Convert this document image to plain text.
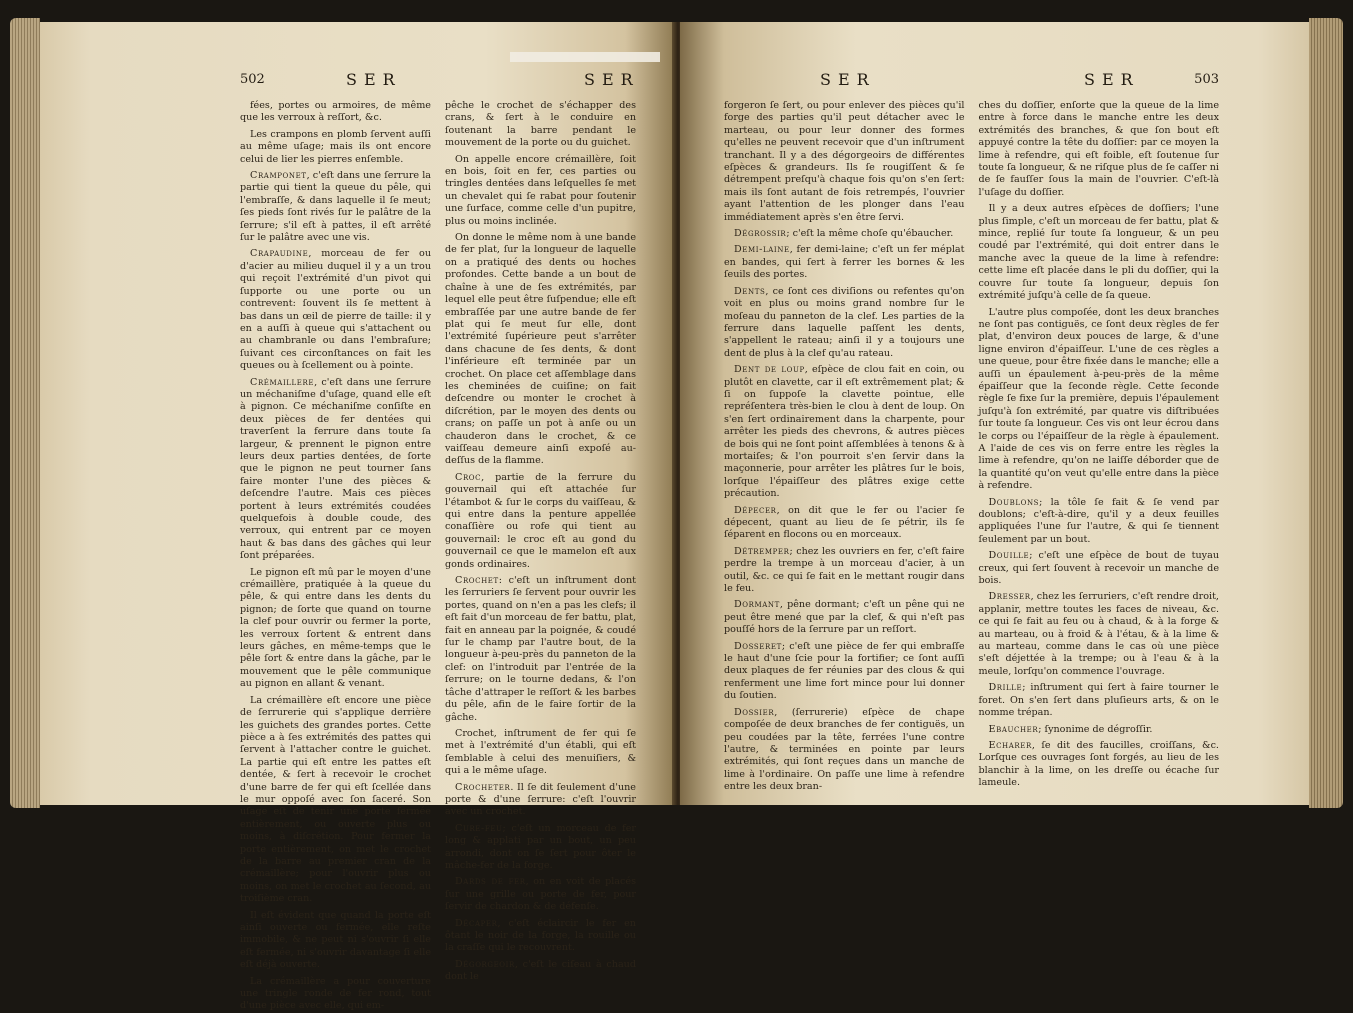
502	SER	SER

fées, portes ou armoires, de même que les verroux à reſſort, &c.

Les crampons en plomb ſervent auſſi au même uſage; mais ils ont encore celui de lier les pierres enſemble.

Cramponet, c'eſt dans une ſerrure la partie qui tient la queue du pêle, qui l'embraſſe, & dans laquelle il ſe meut; ſes pieds ſont rivés ſur le palâtre de la ſerrure; s'il eſt à pattes, il eſt arrêté ſur le palâtre avec une vis.

Crapaudine, morceau de fer ou d'acier au milieu duquel il y a un trou qui reçoit l'extrémité d'un pivot qui ſupporte ou une porte ou un contrevent: ſouvent ils ſe mettent à bas dans un œil de pierre de taille: il y en a auſſi à queue qui s'attachent ou au chambranle ou dans l'embraſure; ſuivant ces circonſtances on fait les queues ou à ſcellement ou à pointe.

Crémaillere, c'eſt dans une ſerrure un méchaniſme d'uſage, quand elle eſt à pignon. Ce méchaniſme conſiſte en deux pièces de fer dentées qui traverſent la ferrure dans toute ſa largeur, & prennent le pignon entre leurs deux parties dentées, de ſorte que le pignon ne peut tourner ſans faire monter l'une des pièces & deſcendre l'autre. Mais ces pièces portent à leurs extrémités coudées quelquefois à double coude, des verroux, qui entrent par ce moyen haut & bas dans des gâches qui leur ſont préparées.

Le pignon eſt mû par le moyen d'une crémaillère, pratiquée à la queue du pêle, & qui entre dans les dents du pignon; de ſorte que quand on tourne la clef pour ouvrir ou fermer la porte, les verroux ſortent & entrent dans leurs gâches, en même-temps que le pêle ſort & entre dans la gâche, par le mouvement que le pêle communique au pignon en allant & venant.

La crémaillère eſt encore une pièce de ſerrurerie qui s'applique derrière les guichets des grandes portes. Cette pièce a à ſes extrémités des pattes qui ſervent à l'attacher contre le guichet. La partie qui eſt entre les pattes eſt dentée, & ſert à recevoir le crochet d'une barre de fer qui eſt ſcellée dans le mur oppoſé avec ſon ſaceré. Son uſage eſt de tenir une porte fermée entièrement, ou ouverte plus ou moins, à diſcrétion. Pour fermer la porte entièrement, on met le crochet de la barre au premier cran de la crémaillère; pour l'ouvrir plus ou moins, on met le crochet au ſecond, au troiſième cran.

Il eſt évident que quand la porte eſt ainſi ouverte ou fermée, elle reſte immobile, & ne peut ni s'ouvrir ſi elle eſt fermée, ni s'ouvrir davantage ſi elle eſt déjà ouverte.

La crémaillère a pour couverture une tringle ronde de fer rond, tout d'une pièce avec elle, qui em-

pêche le crochet de s'échapper des crans, & ſert à le conduire en ſoutenant la barre pendant le mouvement de la porte ou du guichet.

On appelle encore crémaillère, ſoit en bois, ſoit en fer, ces parties ou tringles dentées dans leſquelles ſe met un chevalet qui ſe rabat pour ſoutenir une ſurface, comme celle d'un pupitre, plus ou moins inclinée.

On donne le même nom à une bande de fer plat, ſur la longueur de laquelle on a pratiqué des dents ou hoches profondes. Cette bande a un bout de chaîne à une de ſes extrémités, par lequel elle peut être ſuſpendue; elle eſt embraſſée par une autre bande de fer plat qui ſe meut ſur elle, dont l'extrémité ſupérieure peut s'arrêter dans chacune de ſes dents, & dont l'inférieure eſt terminée par un crochet. On place cet aſſemblage dans les cheminées de cuiſine; on fait deſcendre ou monter le crochet à diſcrétion, par le moyen des dents ou crans; on paſſe un pot à anſe ou un chauderon dans le crochet, & ce vaiſſeau demeure ainſi expoſé au-deſſus de la flamme.

Croc, partie de la ferrure du gouvernail qui eſt attachée ſur l'étambot & ſur le corps du vaiſſeau, & qui entre dans la penture appellée conaſſière ou rofe qui tient au gouvernail: le croc eſt au gond du gouvernail ce que le mamelon eſt aux gonds ordinaires.

Crochet: c'eſt un inſtrument dont les ſerruriers ſe ſervent pour ouvrir les portes, quand on n'en a pas les clefs; il eſt fait d'un morceau de fer battu, plat, fait en anneau par la poignée, & coudé ſur le champ par l'autre bout, de la longueur à-peu-près du panneton de la clef: on l'introduit par l'entrée de la ſerrure; on le tourne dedans, & l'on tâche d'attraper le reſſort & les barbes du pêle, afin de le faire ſortir de la gâche.

Crochet, inſtrument de fer qui ſe met à l'extrémité d'un établi, qui eſt ſemblable à celui des menuiſiers, & qui a le même uſage.

Crocheter. Il ſe dit ſeulement d'une porte & d'une ſerrure: c'eſt l'ouvrir avec un crochet.

Cure-feu; c'eſt un morceau de fer long & applati par un bout, un peu arrondi, dont on ſe ſert pour ôter le mâche-fer de la forge.

Dards de fer, on en voit de placés ſur une grille ou porte de fer, pour ſervir de chardon & de défenſe.

Décaper, c'eſt éclaircir le fer en ôtant le noir de la forge, la rouille ou la craſſe qui le recouvrent.

Dégorgeoir, c'eſt le ciſeau à chaud dont le

SER	SER	503

forgeron ſe ſert, ou pour enlever des pièces qu'il forge des parties qu'il peut détacher avec le marteau, ou pour leur donner des formes qu'elles ne peuvent recevoir que d'un inſtrument tranchant. Il y a des dégorgeoirs de différentes eſpèces & grandeurs. Ils ſe rougiſſent & ſe détrempent preſqu'à chaque fois qu'on s'en ſert: mais ils ſont autant de fois retrempés, l'ouvrier ayant l'attention de les plonger dans l'eau immédiatement après s'en être ſervi.

Dégrossir; c'eſt la même choſe qu'ébaucher.

Demi-laine, fer demi-laine; c'eſt un fer méplat en bandes, qui ſert à ferrer les bornes & les ſeuils des portes.

Dents, ce ſont ces diviſions ou refentes qu'on voit en plus ou moins grand nombre ſur le moſeau du panneton de la clef. Les parties de la ferrure dans laquelle paſſent les dents, s'appellent le rateau; ainſi il y a toujours une dent de plus à la clef qu'au rateau.

Dent de loup, eſpèce de clou fait en coin, ou plutôt en clavette, car il eſt extrêmement plat; & ſi on ſuppoſe la clavette pointue, elle repréſentera très-bien le clou à dent de loup. On s'en ſert ordinairement dans la charpente, pour arrêter les pieds des chevrons, & autres pièces de bois qui ne ſont point aſſemblées à tenons & à mortaiſes; & l'on pourroit s'en ſervir dans la maçonnerie, pour arrêter les plâtres ſur le bois, lorſque l'épaiſſeur des plâtres exige cette précaution.

Dépecer, on dit que le fer ou l'acier ſe dépecent, quant au lieu de ſe pétrir, ils ſe ſéparent en flocons ou en morceaux.

Détremper; chez les ouvriers en fer, c'eſt faire perdre la trempe à un morceau d'acier, à un outil, &c. ce qui ſe fait en le mettant rougir dans le feu.

Dormant, pêne dormant; c'eſt un pêne qui ne peut être mené que par la clef, & qui n'eſt pas pouſſé hors de la ſerrure par un reſſort.

Dosseret; c'eſt une pièce de fer qui embraſſe le haut d'une ſcie pour la fortifier; ce ſont auſſi deux plaques de fer réunies par des clous & qui renferment une lime fort mince pour lui donner du ſoutien.

Dossier, (ſerrurerie) eſpèce de chape compoſée de deux branches de fer contiguës, un peu coudées par la tête, ferrées l'une contre l'autre, & terminées en pointe par leurs extrémités, qui ſont reçues dans un manche de lime à l'ordinaire. On paſſe une lime à refendre entre les deux bran-

ches du doſſier, enſorte que la queue de la lime entre à force dans le manche entre les deux extrémités des branches, & que ſon bout eſt appuyé contre la tête du doſſier: par ce moyen la lime à refendre, qui eſt foible, eſt ſoutenue ſur toute ſa longueur, & ne riſque plus de ſe caſſer ni de ſe fauſſer ſous la main de l'ouvrier. C'eſt-là l'uſage du doſſier.

Il y a deux autres eſpèces de doſſiers; l'une plus ſimple, c'eſt un morceau de fer battu, plat & mince, replié ſur toute ſa longueur, & un peu coudé par l'extrémité, qui doit entrer dans le manche avec la queue de la lime à refendre: cette lime eſt placée dans le pli du doſſier, qui la couvre ſur toute ſa longueur, depuis ſon extrémité juſqu'à celle de ſa queue.

L'autre plus compoſée, dont les deux branches ne ſont pas contiguës, ce ſont deux règles de fer plat, d'environ deux pouces de large, & d'une ligne environ d'épaiſſeur. L'une de ces règles a une queue, pour être fixée dans le manche; elle a auſſi un épaulement à-peu-près de la même épaiſſeur que la ſeconde règle. Cette ſeconde règle ſe fixe ſur la première, depuis l'épaulement juſqu'à ſon extrémité, par quatre vis diſtribuées ſur toute ſa longueur. Ces vis ont leur écrou dans le corps ou l'épaiſſeur de la règle à épaulement. A l'aide de ces vis on ferre entre les règles la lime à refendre, qu'on ne laiſſe déborder que de la quantité qu'on veut qu'elle entre dans la pièce à refendre.

Doublons; la tôle ſe fait & ſe vend par doublons; c'eſt-à-dire, qu'il y a deux feuilles appliquées l'une ſur l'autre, & qui ſe tiennent ſeulement par un bout.

Douille; c'eſt une eſpèce de bout de tuyau creux, qui ſert ſouvent à recevoir un manche de bois.

Dresser, chez les ſerruriers, c'eſt rendre droit, applanir, mettre toutes les faces de niveau, &c. ce qui ſe fait au feu ou à chaud, & à la forge & au marteau, ou à froid & à l'étau, & à la lime & au marteau, comme dans le cas où une pièce s'eſt déjettée à la trempe; ou à l'eau & à la meule, lorſqu'on commence l'ouvrage.

Drille; inſtrument qui ſert à faire tourner le foret. On s'en ſert dans pluſieurs arts, & on le nomme trépan.

Ebaucher; ſynonime de dégroſſir.

Echarer, ſe dit des faucilles, croiſſans, &c. Lorſque ces ouvrages ſont forgés, au lieu de les blanchir à la lime, on les dreſſe ou écache ſur lameule.
